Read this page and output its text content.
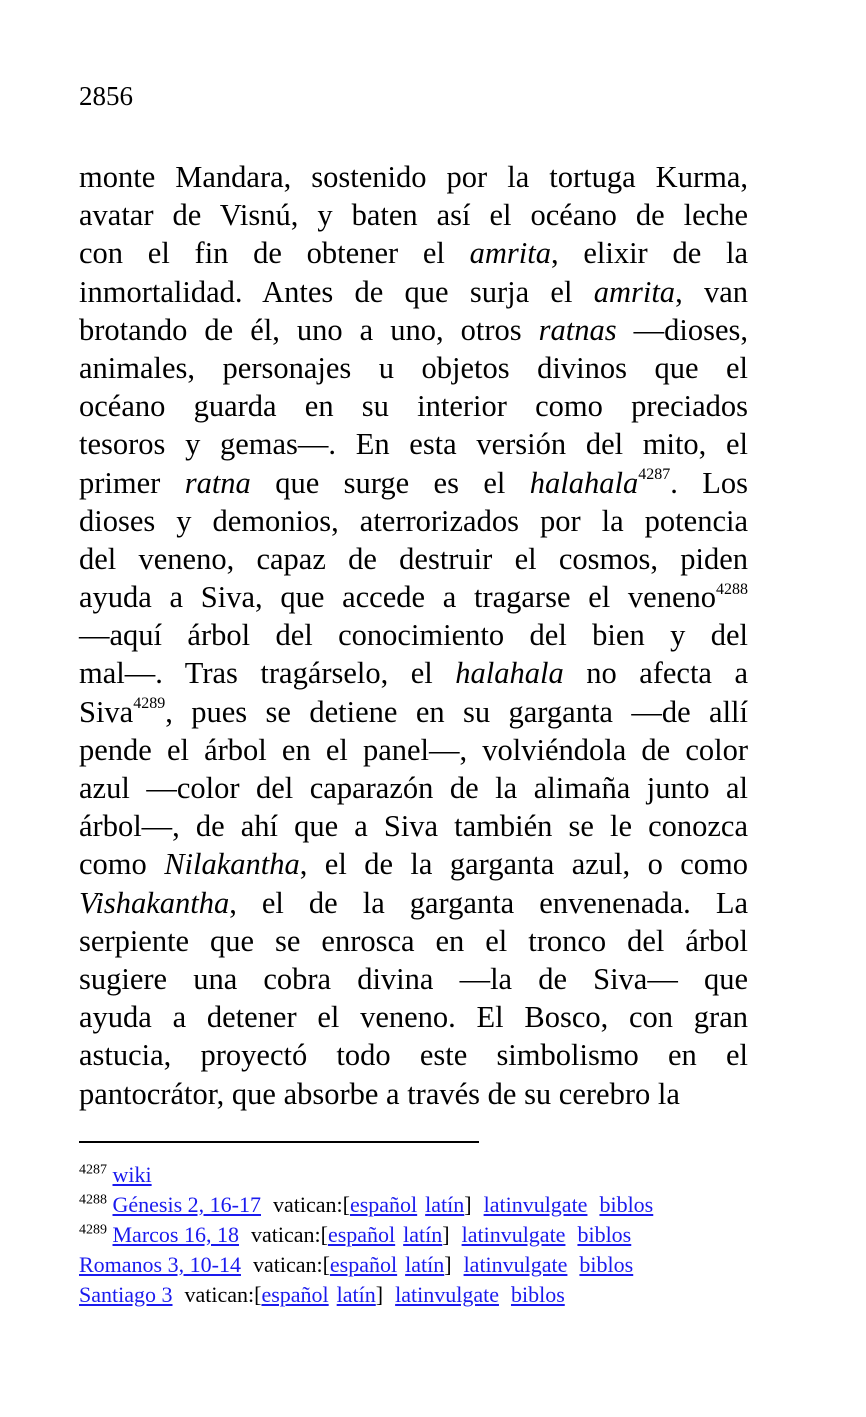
2856
monte Mandara, sostenido por la tortuga Kurma,
avatar de Visnú, y baten así el océano de leche
con el fin de obtener el amrita, elixir de la
inmortalidad. Antes de que surja el amrita, van
brotando de él, uno a uno, otros ratnas —dioses,
animales, personajes u objetos divinos que el
océano guarda en su interior como preciados
tesoros y gemas—. En esta versión del mito, el
primer ratna que surge es el halahala$^{4287}$. Los
dioses y demonios, aterrorizados por la potencia
del veneno, capaz de destruir el cosmos, piden
ayuda a Siva, que accede a tragarse el veneno$^{4288}$
—aquí árbol del conocimiento del bien y del
mal—. Tras tragárselo, el halahala no afecta a
Siva$^{4289}$, pues se detiene en su garganta —de allí
pende el árbol en el panel—, volviéndola de color
azul —color del caparazón de la alimaña junto al
árbol—, de ahí que a Siva también se le conozca
como Nilakantha, el de la garganta azul, o como
Vishakantha, el de la garganta envenenada. La
serpiente que se enrosca en el tronco del árbol
sugiere una cobra divina —la de Siva— que
ayuda a detener el veneno. El Bosco, con gran
astucia, proyectó todo este simbolismo en el
pantocrátor, que absorbe a través de su cerebro la
$^{4287}$ wiki
$^{4288}$ Génesis 2, 16-17 vatican:[español latín] latinvulgate biblos
$^{4289}$ Marcos 16, 18 vatican:[español latín] latinvulgate biblos
Romanos 3, 10-14 vatican:[español latín] latinvulgate biblos
Santiago 3 vatican:[español latín] latinvulgate biblos
